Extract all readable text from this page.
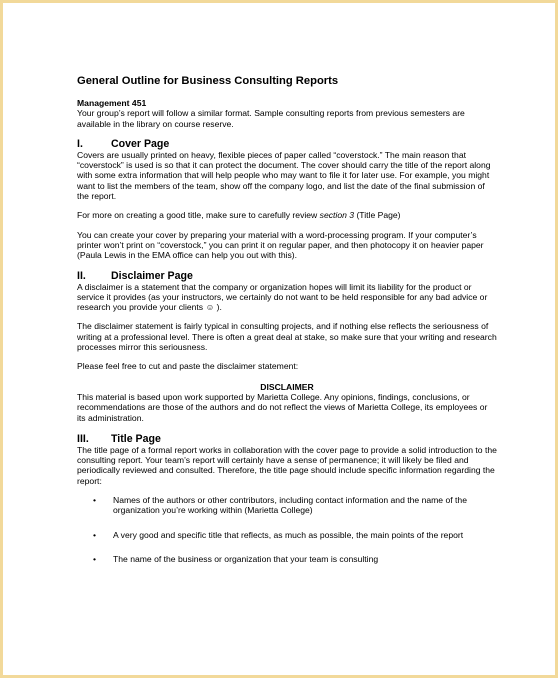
General Outline for Business Consulting Reports
Management 451

Your group’s report will follow a similar format. Sample consulting reports from previous semesters are available in the library on course reserve.

I.	Cover Page

Covers are usually printed on heavy, flexible pieces of paper called “coverstock.” The main reason that “coverstock” is used is so that it can protect the document. The cover should carry the title of the report along with some extra information that will help people who may want to file it for later use. For example, you might want to list the members of the team, show off the company logo, and list the date of the final submission of the report.

For more on creating a good title, make sure to carefully review section 3 (Title Page)

You can create your cover by preparing your material with a word-processing program. If your computer’s printer won’t print on “coverstock,” you can print it on regular paper, and then photocopy it on heavier paper (Paula Lewis in the EMA office can help you out with this).

II.	Disclaimer Page

A disclaimer is a statement that the company or organization hopes will limit its liability for the product or service it provides (as your instructors, we certainly do not want to be held responsible for any bad advice or research you provide your clients ☺ ).

The disclaimer statement is fairly typical in consulting projects, and if nothing else reflects the seriousness of writing at a professional level. There is often a great deal at stake, so make sure that your writing and research processes mirror this seriousness.

Please feel free to cut and paste the disclaimer statement:

DISCLAIMER
This material is based upon work supported by Marietta College. Any opinions, findings, conclusions, or recommendations are those of the authors and do not reflect the views of Marietta College, its employees or its administration.
III.	Title Page

The title page of a formal report works in collaboration with the cover page to provide a solid introduction to the consulting report. Your team’s report will certainly have a sense of permanence; it will likely be filed and periodically reviewed and consulted. Therefore, the title page should include specific information regarding the report:

•	Names of the authors or other contributors, including contact information and the name of the organization you’re working within (Marietta College)
•	A very good and specific title that reflects, as much as possible, the main points of the report
•	The name of the business or organization that your team is consulting
